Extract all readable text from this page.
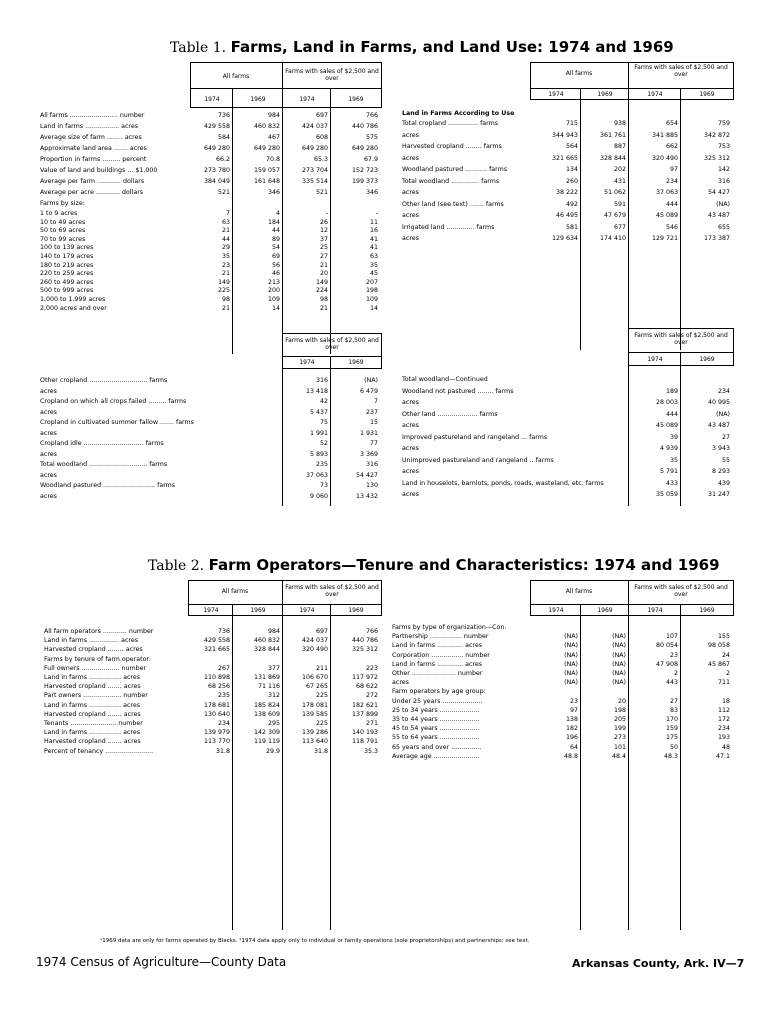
Table 1. Farms, Land in Farms, and Land Use: 1974 and 1969
All farms
Farms with sales of $2,500 and over
1974	1969	1974	1969
All farms
Farms with sales of $2,500 and over
1974	1969	1974	1969
All farms ........................ number	736	984	697	766
Land in farms ................. acres	429 558	460 832	424 037	440 786
Average size of farm ........ acres	584	467	608	575
Approximate land area ....... acres	649 280	649 280	649 280	649 280
Proportion in farms ......... percent	66.2	70.8	65.3	67.9
Value of land and buildings ... $1,000	273 780	159 057	273 704	152 723
Average per farm ............ dollars	384 049	161 648	335 514	199 373
Average per acre ............ dollars	521	346	521	346
1 to 9 acres	7	4	-	-
10 to 49 acres	63	184	26	11
50 to 69 acres	21	44	12	16
70 to 99 acres	44	89	37	41
100 to 139 acres	29	54	25	41
140 to 179 acres	35	69	27	63
180 to 219 acres	23	56	21	35
220 to 259 acres	21	46	20	45
260 to 499 acres	149	213	149	207
500 to 999 acres	225	200	224	198
1,000 to 1,999 acres	98	109	98	109
2,000 acres and over	21	14	21	14
Farms by size:
Land in Farms According to Use
Total cropland ............... farms	715	938	654	759
acres	344 943	361 761	341 885	342 872
Harvested cropland ........ farms	564	887	662	753
acres	321 665	328 844	320 490	325 312
Woodland pastured ........... farms	134	202	97	142
Total woodland .............. farms	260	431	234	316
acres	38 222	51 062	37 063	54 427
Other land (see text) ....... farms	492	591	444	(NA)
acres	46 495	47 679	45 089	43 487
Irrigated land .............. farms	581	677	546	655
acres	129 634	174 410	129 721	173 387
Farms with sales of $2,500 and over
1974	1969
Farms with sales of $2,500 and over
1974	1969
Other cropland ............................. farms	316	(NA)
acres	13 418	6 479
Cropland on which all crops failed ......... farms	42	7
acres	5 437	237
Cropland in cultivated summer fallow ....... farms	75	15
acres	1 991	1 931
Cropland idle .............................. farms	52	77
acres	5 893	3 369
Total woodland ............................. farms	235	316
acres	37 063	54 427
Woodland pastured .......................... farms	73	130
acres	9 060	13 432
Total woodland—Continued
Woodland not pastured ........ farms	189	234
acres	28 003	40 995
Other land .................... farms	444	(NA)
acres	45 089	43 487
Improved pastureland and rangeland ... farms	39	27
acres	4 939	3 943
Unimproved pastureland and rangeland .. farms	35	55
acres	5 791	8 293
Land in houselots, barnlots, ponds, roads, wasteland, etc. farms	433	439
acres	35 059	31 247
Table 2. Farm Operators—Tenure and Characteristics: 1974 and 1969
All farms
Farms with sales of $2,500 and over
1974	1969	1974	1969
All farms
Farms with sales of $2,500 and over
1974	1969	1974	1969
All farm operators ............ number	736	984	697	766
Land in farms ............... acres	429 558	460 832	424 037	440 786
Harvested cropland ........ acres	321 665	328 844	320 490	325 312
Farms by tenure of farm operator:
Full owners ................... number	267	377	211	223
Land in farms ................ acres	110 898	131 869	106 670	117 972
Harvested cropland ....... acres	68 256	71 116	67 265	68 622
Part owners ................... number	235	312	225	272
Land in farms ................ acres	178 681	185 824	178 081	182 621
Harvested cropland ....... acres	130 640	138 609	139 585	137 899
Tenants ....................... number	234	295	225	271
Land in farms ................ acres	139 979	142 309	139 286	140 193
Harvested cropland ....... acres	113 770	119 119	113 640	118 791
Percent of tenancy ........................	31.8	29.9	31.8	35.3
Farms by type of organization—Con.
Partnership ................ number	(NA)	(NA)	107	155
Land in farms ............. acres	(NA)	(NA)	80 054	98 058
Corporation ................ number	(NA)	(NA)	23	24
Land in farms ............. acres	(NA)	(NA)	47 908	45 867
Other ...................... number	(NA)	(NA)	2	2
acres	(NA)	(NA)	443	711
Farm operators by age group:
Under 25 years ....................	23	20	27	18
25 to 34 years ....................	97	198	83	112
35 to 44 years ....................	138	205	170	172
45 to 54 years ....................	182	199	159	234
55 to 64 years ....................	196	273	175	193
65 years and over ...............	64	101	50	48
Average age .......................	48.8	48.4	48.3	47.1
¹1969 data are only for farms operated by Blacks. ²1974 data apply only to individual or family operations (sole proprietorships) and partnerships; see text.
1974 Census of Agriculture—County Data	Arkansas County, Ark. IV—7
